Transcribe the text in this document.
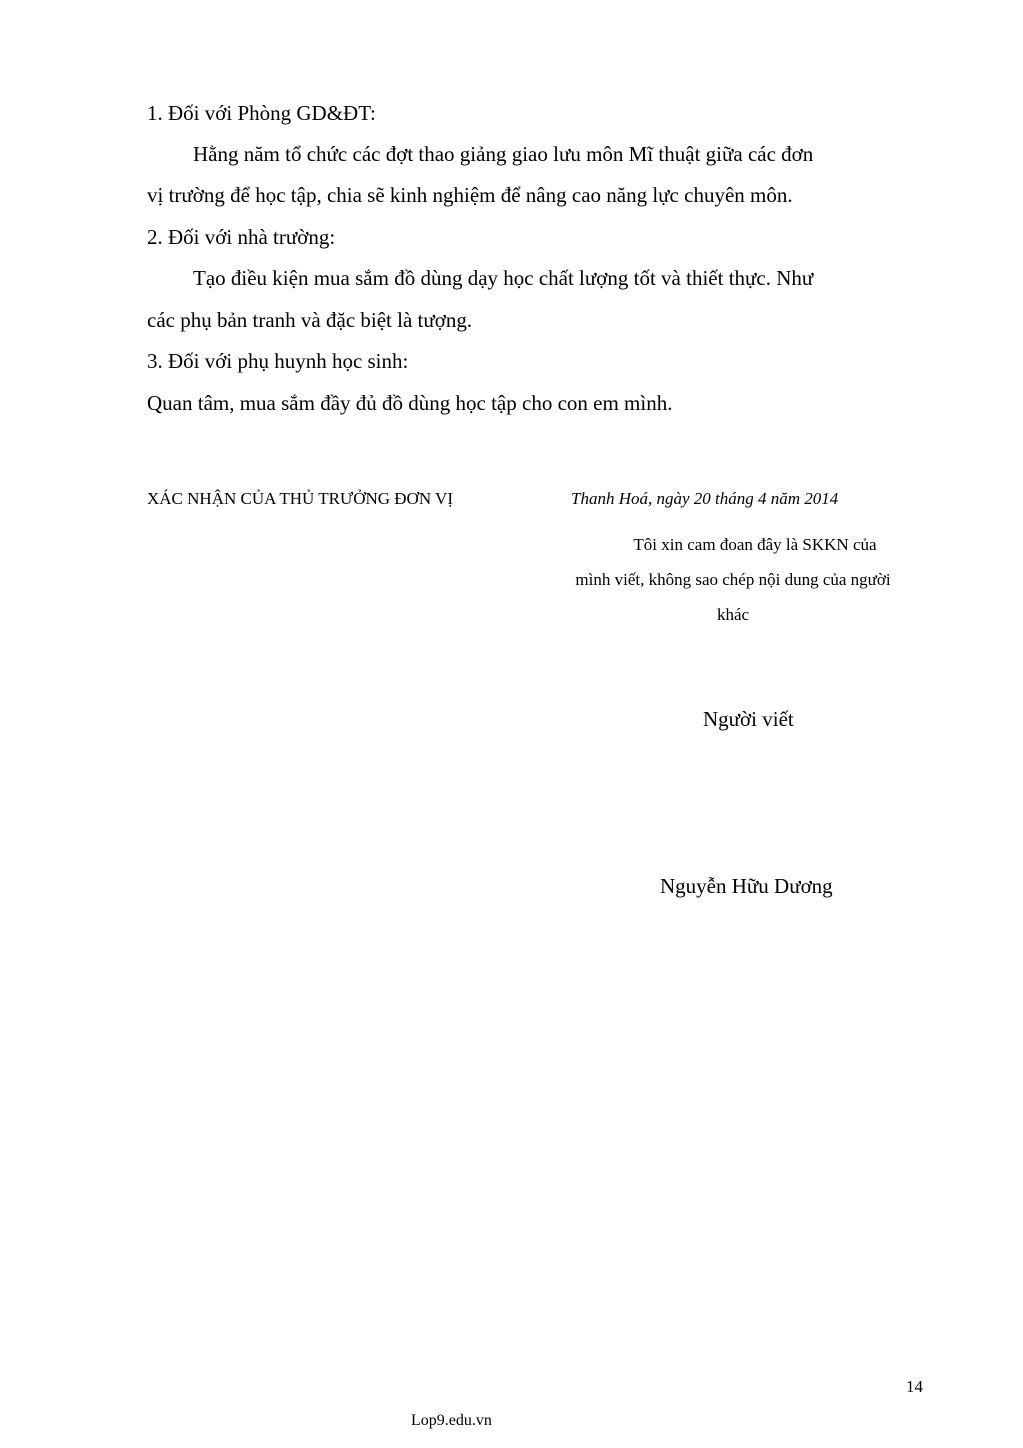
1. Đối với Phòng GD&ĐT:
Hằng năm tổ chức các đợt thao giảng giao lưu môn Mĩ thuật giữa các đơn
vị trường để học tập, chia sẽ kinh nghiệm để nâng cao năng lực chuyên môn.
2. Đối với nhà trường:
Tạo điều kiện mua sắm đồ dùng dạy học chất lượng tốt và thiết thực. Như
các phụ bản tranh và đặc biệt là tượng.
3. Đối với phụ huynh học sinh:
Quan tâm, mua sắm đầy đủ đồ dùng học tập cho con em mình.
XÁC NHẬN CỦA THỦ TRƯỞNG ĐƠN VỊ	Thanh Hoá, ngày 20 tháng 4 năm 2014
Tôi xin cam đoan đây là SKKN của
mình viết, không sao chép nội dung của người
khác
Người viết
Nguyễn Hữu Dương
14
Lop9.edu.vn
